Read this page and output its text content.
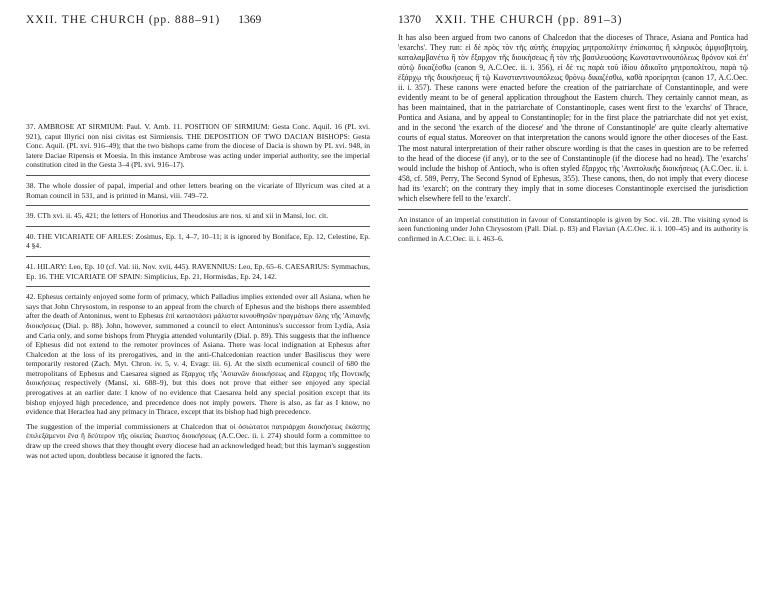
XXII. THE CHURCH (pp. 888–91) 1369

37. AMBROSE AT SIRMIUM: Paul. V. Amb. 11. POSITION OF SIRMIUM: Gesta Conc. Aquil. 16 (PL xvi. 921), caput Illyrici non nisi civitas est Sirmiensis. THE DEPOSITION OF TWO DACIAN BISHOPS: Gesta Conc. Aquil. (PL xvi. 916–49); that the two bishops came from the diocese of Dacia is shown by PL xvi. 948, in latere Daciae Ripensis et Moesia. In this instance Ambrose was acting under imperial authority, see the imperial constitution cited in the Gesta 3–4 (PL xvi. 916–17).

38. The whole dossier of papal, imperial and other letters bearing on the vicariate of Illyricum was cited at a Roman council in 531, and is printed in Mansi, viii. 749–72.

39. CTh xvi. ii. 45, 421; the letters of Honorius and Theodosius are nos. xi and xii in Mansi, loc. cit.

40. THE VICARIATE OF ARLES: Zosimus, Ep. 1, 4–7, 10–11; it is ignored by Boniface, Ep. 12, Celestine, Ep. 4 §4.

41. HILARY: Leo, Ep. 10 (cf. Val. iii, Nov. xvii, 445). RAVENNIUS: Leo, Ep. 65–6. CAESARIUS: Symmachus, Ep. 16. THE VICARIATE OF SPAIN: Simplicius, Ep. 21, Hormisdas, Ep. 24, 142.

42. Ephesus certainly enjoyed some form of primacy, which Palladius implies extended over all Asiana, when he says that John Chrysostom, in response to an appeal from the church of Ephesus and the bishops there assembled after the death of Antoninus, went to Ephesus ἐπὶ καταστάσει μάλιστα κινουθησῶν πραγμάτων ὅλης τῆς 'Ασιανῆς διοικήσεως (Dial. p. 88). John, however, summoned a council to elect Antoninus's successor from Lydia, Asia and Caria only, and some bishops from Phrygia attended voluntarily (Dial. p. 89). This suggests that the influence of Ephesus did not extend to the remoter provinces of Asiana. There was local indignation at Ephesus after Chalcedon at the loss of its prerogatives, and in the anti-Chalcedonian reaction under Basiliscus they were temporarily restored (Zach. Myt. Chron. iv. 5, v. 4, Evagr. iii. 6). At the sixth ecumenical council of 680 the metropolitans of Ephesus and Caesarea signed as ἔξαρχος τῆς 'Ασιανῶν διοικήσεως and ἔξαρχος τῆς Ποντικῆς διοικήσεως respectively (Mansi, xi. 688–9), but this does not prove that either see enjoyed any special prerogatives at an earlier date: I know of no evidence that Caesarea held any special position except that its bishop enjoyed high precedence, and precedence does not imply powers. There is also, as far as I know, no evidence that Heraclea had any primacy in Thrace, except that its bishop had high precedence.

The suggestion of the imperial commissioners at Chalcedon that οἱ ὁσιώτατοι πατριάρχαι διοικήσεως ἑκάστης ἐπιλεξάμενοι ἕνα ἢ δεύτερον τῆς οἰκείας ἕκαστος διοικήσεως (A.C.Oec. ii. i. 274) should form a committee to draw up the creed shows that they thought every diocese had an acknowledged head; but this layman's suggestion was not acted upon, doubtless because it ignored the facts.

1370 XXII. THE CHURCH (pp. 891–3)

It has also been argued from two canons of Chalcedon that the dioceses of Thrace, Asiana and Pontica had 'exarchs'. They run: εἰ δὲ πρὸς τὸν τῆς αὐτῆς ἐπαρχίας μητροπολίτην ἐπίσκοπος ἢ κληρικὸς ἀμφισβητοίη, καταλαμβανέτω ἢ τὸν ἔξαρχον τῆς διοικήσεως ἢ τὸν τῆς βασιλευούσης Κωνσταντινουπόλεως θρόνον καὶ ἐπ' αὐτῷ δικαζέσθω (canon 9, A.C.Oec. ii. i. 356), εἰ δέ τις παρὰ τοῦ ἰδίου ἀδικοῖτο μητροπολίτου, παρὰ τῷ ἐξάρχῳ τῆς διοικήσεως ἢ τῷ Κωνσταντινουπόλεως θρόνῳ δικαζέσθω, καθὰ προείρηται (canon 17, A.C.Oec. ii. i. 357). These canons were enacted before the creation of the patriarchate of Constantinople, and were evidently meant to be of general application throughout the Eastern church. They certainly cannot mean, as has been maintained, that in the patriarchate of Constantinople, cases went first to the 'exarchs' of Thrace, Pontica and Asiana, and by appeal to Constantinople; for in the first place the patriarchate did not yet exist, and in the second 'the exarch of the diocese' and 'the throne of Constantinople' are quite clearly alternative courts of equal status. Moreover on that interpretation the canons would ignore the other dioceses of the East. The most natural interpretation of their rather obscure wording is that the cases in question are to be referred to the head of the diocese (if any), or to the see of Constantinople (if the diocese had no head). The 'exarchs' would include the bishop of Antioch, who is often styled ἔξαρχος τῆς 'Ανατολικῆς διοικήσεως (A.C.Oec. ii. i. 458, cf. 589, Perry, The Second Synod of Ephesus, 355). These canons, then, do not imply that every diocese had its 'exarch'; on the contrary they imply that in some dioceses Constantinople exercised the jurisdiction which elsewhere fell to the 'exarch'.

An instance of an imperial constitution in favour of Constantinople is given by Soc. vii. 28. The visiting synod is seen functioning under John Chrysostom (Pall. Dial. p. 83) and Flavian (A.C.Oec. ii. i. 100–45) and its authority is confirmed in A.C.Oec. ii. i. 463–6.
